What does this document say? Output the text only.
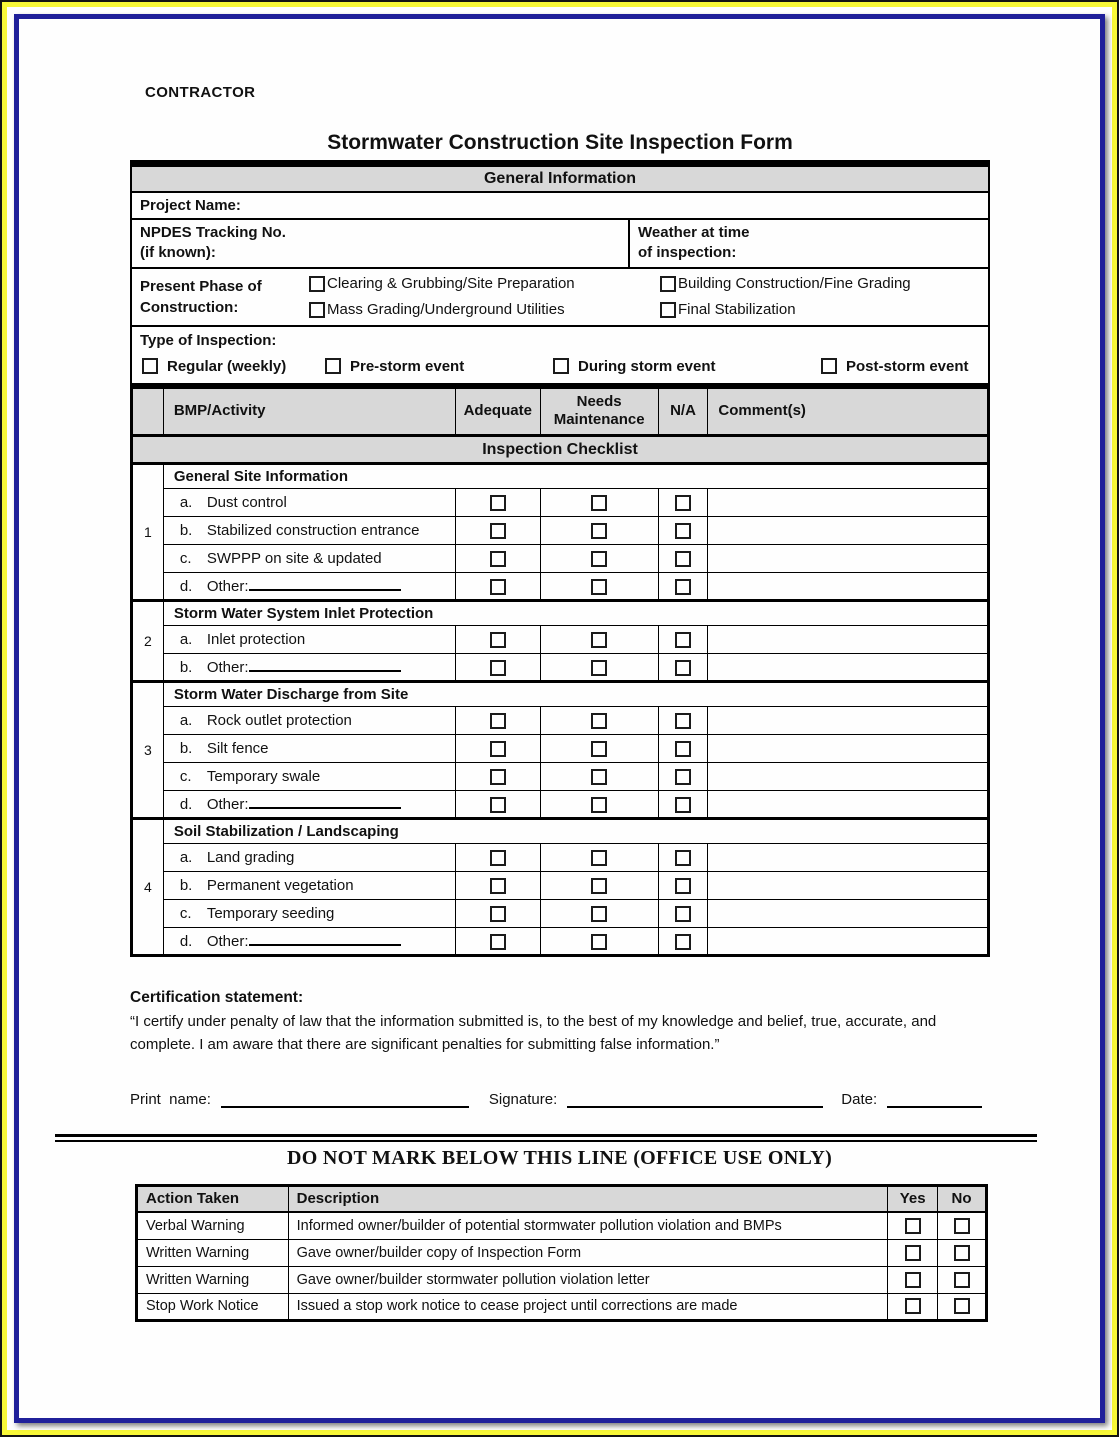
CONTRACTOR
Stormwater Construction Site Inspection Form
General Information
Project Name:
NPDES Tracking No.
(if known):
Weather at time
of inspection:
Present Phase of
Construction:
Clearing & Grubbing/Site Preparation
Mass Grading/Underground Utilities
Building Construction/Fine Grading
Final Stabilization
Type of Inspection:
Regular (weekly)	Pre-storm event	During storm event	Post-storm event
Inspection Checklist					
	BMP/Activity	Adequate	Needs Maintenance	N/A	Comment(s)
1	General Site Information				
	a. Dust control				
	b. Stabilized construction entrance				
	c. SWPPP on site & updated				
	d. Other:				
2	Storm Water System Inlet Protection				
	a. Inlet protection				
	b. Other:				
3	Storm Water Discharge from Site				
	a. Rock outlet protection				
	b. Silt fence				
	c. Temporary swale				
	d. Other:				
4	Soil Stabilization / Landscaping				
	a. Land grading				
	b. Permanent vegetation				
	c. Temporary seeding				
	d. Other:				
Certification statement:
“I certify under penalty of law that the information submitted is, to the best of my knowledge and belief, true, accurate, and complete. I am aware that there are significant penalties for submitting false information.”
Print  name:	Signature:	Date:
DO NOT MARK BELOW THIS LINE (OFFICE USE ONLY)
Action Taken	Description	Yes	No
Verbal Warning	Informed owner/builder of potential stormwater pollution violation and BMPs		
Written Warning	Gave owner/builder copy of Inspection Form		
Written Warning	Gave owner/builder stormwater pollution violation letter		
Stop Work Notice	Issued a stop work notice to cease project until corrections are made		
